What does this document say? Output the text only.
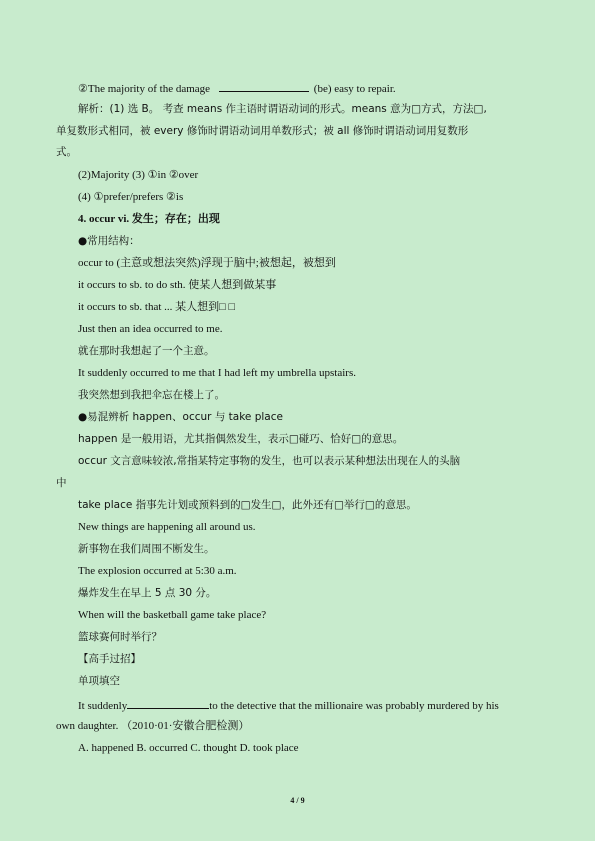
②The majority of the damage	(be) easy to repair.
解析：(1) 选 B。 考查 means 作主语时谓语动词的形式。means 意为□方式，方法□,
单复数形式相同，被 every 修饰时谓语动词用单数形式；被 all 修饰时谓语动词用复数形
式。
(2)Majority (3) ①in ②over
(4) ①prefer/prefers ②is
4. occur vi. 发生；存在；出现
●常用结构：
occur to (主意或想法突然)浮现于脑中;被想起，被想到
it occurs to sb. to do sth. 使某人想到做某事
it occurs to sb. that ... 某人想到□ □
Just then an idea occurred to me.
就在那时我想起了一个主意。
It suddenly occurred to me that I had left my umbrella upstairs.
我突然想到我把伞忘在楼上了。
●易混辨析 happen、occur 与 take place
happen 是一般用语，尤其指偶然发生，表示□碰巧、恰好□的意思。
occur 文言意味较浓,常指某特定事物的发生，也可以表示某种想法出现在人的头脑
中
take place 指事先计划或预料到的□发生□，此外还有□举行□的意思。
New things are happening all around us.
新事物在我们周围不断发生。
The explosion occurred at 5:30 a.m.
爆炸发生在早上 5 点 30 分。
When will the basketball game take place?
篮球赛何时举行？
【高手过招】
单项填空
It suddenly	to the detective that the millionaire was probably murdered by his
own daughter. （2010·01·安徽合肥检测）
A. happened B. occurred C. thought D. took place
4 / 9
